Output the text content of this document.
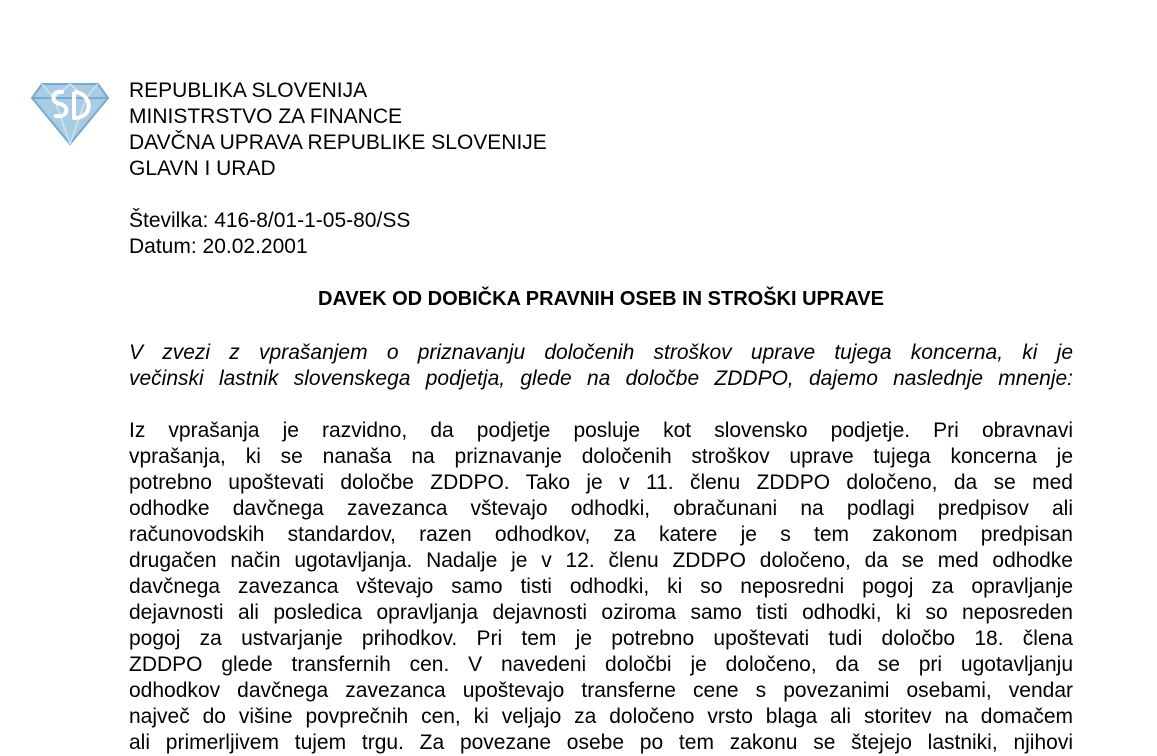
REPUBLIKA SLOVENIJA
MINISTRSTVO ZA FINANCE
DAVČNA UPRAVA REPUBLIKE SLOVENIJE
GLAVN I URAD
Številka: 416-8/01-1-05-80/SS
Datum: 20.02.2001
DAVEK OD DOBIČKA PRAVNIH OSEB IN STROŠKI UPRAVE
V zvezi z vprašanjem o priznavanju določenih stroškov uprave tujega koncerna, ki je
večinski lastnik slovenskega podjetja, glede na določbe ZDDPO, dajemo naslednje mnenje:
Iz vprašanja je razvidno, da podjetje posluje kot slovensko podjetje. Pri obravnavi
vprašanja, ki se nanaša na priznavanje določenih stroškov uprave tujega koncerna je
potrebno upoštevati določbe ZDDPO. Tako je v 11. členu ZDDPO določeno, da se med
odhodke davčnega zavezanca vštevajo odhodki, obračunani na podlagi predpisov ali
računovodskih standardov, razen odhodkov, za katere je s tem zakonom predpisan
drugačen način ugotavljanja. Nadalje je v 12. členu ZDDPO določeno, da se med odhodke
davčnega zavezanca vštevajo samo tisti odhodki, ki so neposredni pogoj za opravljanje
dejavnosti ali posledica opravljanja dejavnosti oziroma samo tisti odhodki, ki so neposreden
pogoj za ustvarjanje prihodkov. Pri tem je potrebno upoštevati tudi določbo 18. člena
ZDDPO glede transfernih cen. V navedeni določbi je določeno, da se pri ugotavljanju
odhodkov davčnega zavezanca upoštevajo transferne cene s povezanimi osebami, vendar
največ do višine povprečnih cen, ki veljajo za določeno vrsto blaga ali storitev na domačem
ali primerljivem tujem trgu. Za povezane osebe po tem zakonu se štejejo lastniki, njihovi
